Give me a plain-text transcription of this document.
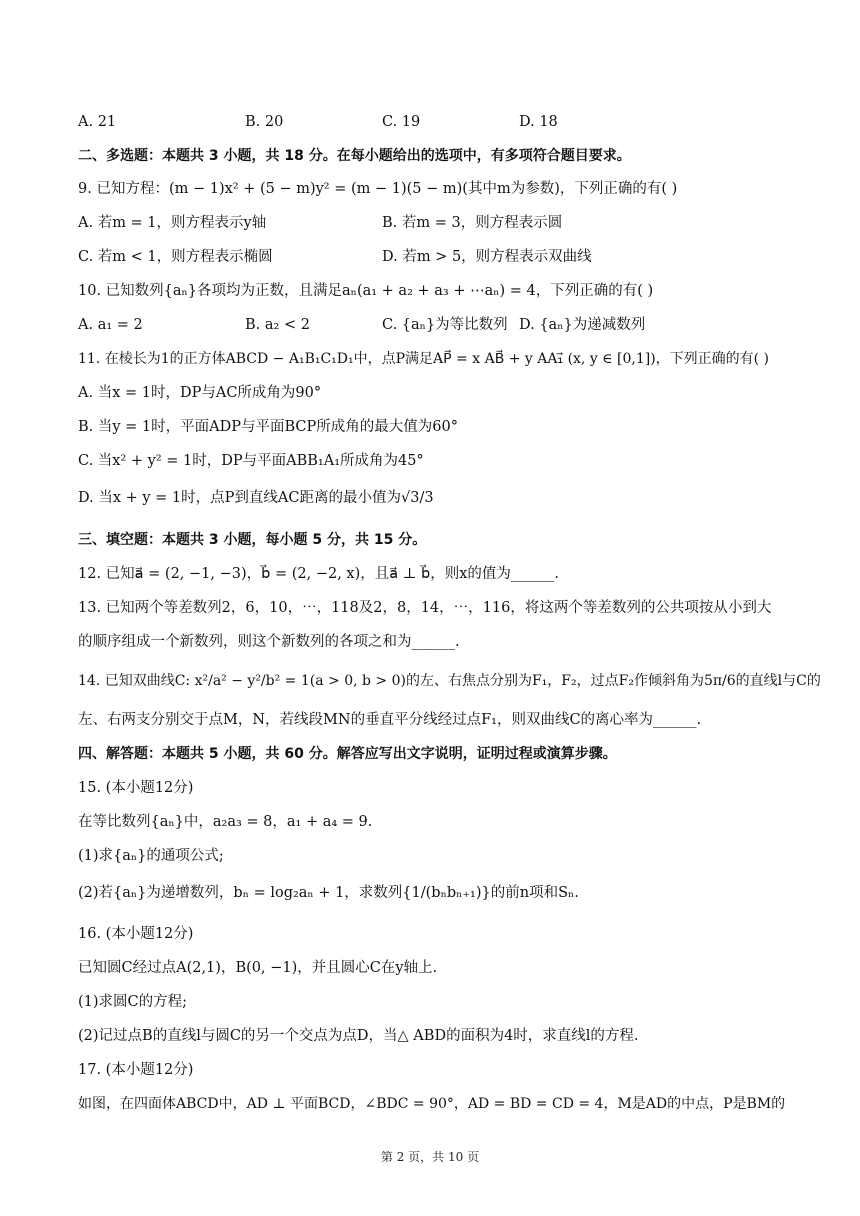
A. 21	B. 20	C. 19	D. 18
二、多选题：本题共 3 小题，共 18 分。在每小题给出的选项中，有多项符合题目要求。
9. 已知方程：(m − 1)x² + (5 − m)y² = (m − 1)(5 − m)(其中m为参数)，下列正确的有( )
A. 若m = 1，则方程表示y轴	B. 若m = 3，则方程表示圆
C. 若m < 1，则方程表示椭圆	D. 若m > 5，则方程表示双曲线
10. 已知数列{aₙ}各项均为正数，且满足aₙ(a₁ + a₂ + a₃ + ⋯aₙ) = 4，下列正确的有( )
A. a₁ = 2	B. a₂ < 2	C. {aₙ}为等比数列 D. {aₙ}为递减数列
11. 在棱长为1的正方体ABCD − A₁B₁C₁D₁中，点P满足AP⃗ = x AB⃗ + y AA₁⃗ (x, y ∈ [0,1])，下列正确的有( )
A. 当x = 1时，DP与AC所成角为90°
B. 当y = 1时，平面ADP与平面BCP所成角的最大值为60°
C. 当x² + y² = 1时，DP与平面ABB₁A₁所成角为45°
D. 当x + y = 1时，点P到直线AC距离的最小值为√3/3
三、填空题：本题共 3 小题，每小题 5 分，共 15 分。
12. 已知a⃗ = (2, −1, −3)，b⃗ = (2, −2, x)，且a⃗ ⊥ b⃗，则x的值为______.
13. 已知两个等差数列2，6，10，⋯，118及2，8，14，⋯，116，将这两个等差数列的公共项按从小到大
的顺序组成一个新数列，则这个新数列的各项之和为______.
14. 已知双曲线C: x²/a² − y²/b² = 1(a > 0, b > 0)的左、右焦点分别为F₁，F₂，过点F₂作倾斜角为5π/6的直线l与C的
左、右两支分别交于点M，N，若线段MN的垂直平分线经过点F₁，则双曲线C的离心率为______.
四、解答题：本题共 5 小题，共 60 分。解答应写出文字说明，证明过程或演算步骤。
15. (本小题12分)
在等比数列{aₙ}中，a₂a₃ = 8，a₁ + a₄ = 9.
(1)求{aₙ}的通项公式;
(2)若{aₙ}为递增数列，bₙ = log₂aₙ + 1，求数列{1/(bₙbₙ₊₁)}的前n项和Sₙ.
16. (本小题12分)
已知圆C经过点A(2,1)，B(0, −1)，并且圆心C在y轴上.
(1)求圆C的方程;
(2)记过点B的直线l与圆C的另一个交点为点D，当△ ABD的面积为4时，求直线l的方程.
17. (本小题12分)
如图，在四面体ABCD中，AD ⊥ 平面BCD，∠BDC = 90°，AD = BD = CD = 4，M是AD的中点，P是BM的
第 2 页，共 10 页
